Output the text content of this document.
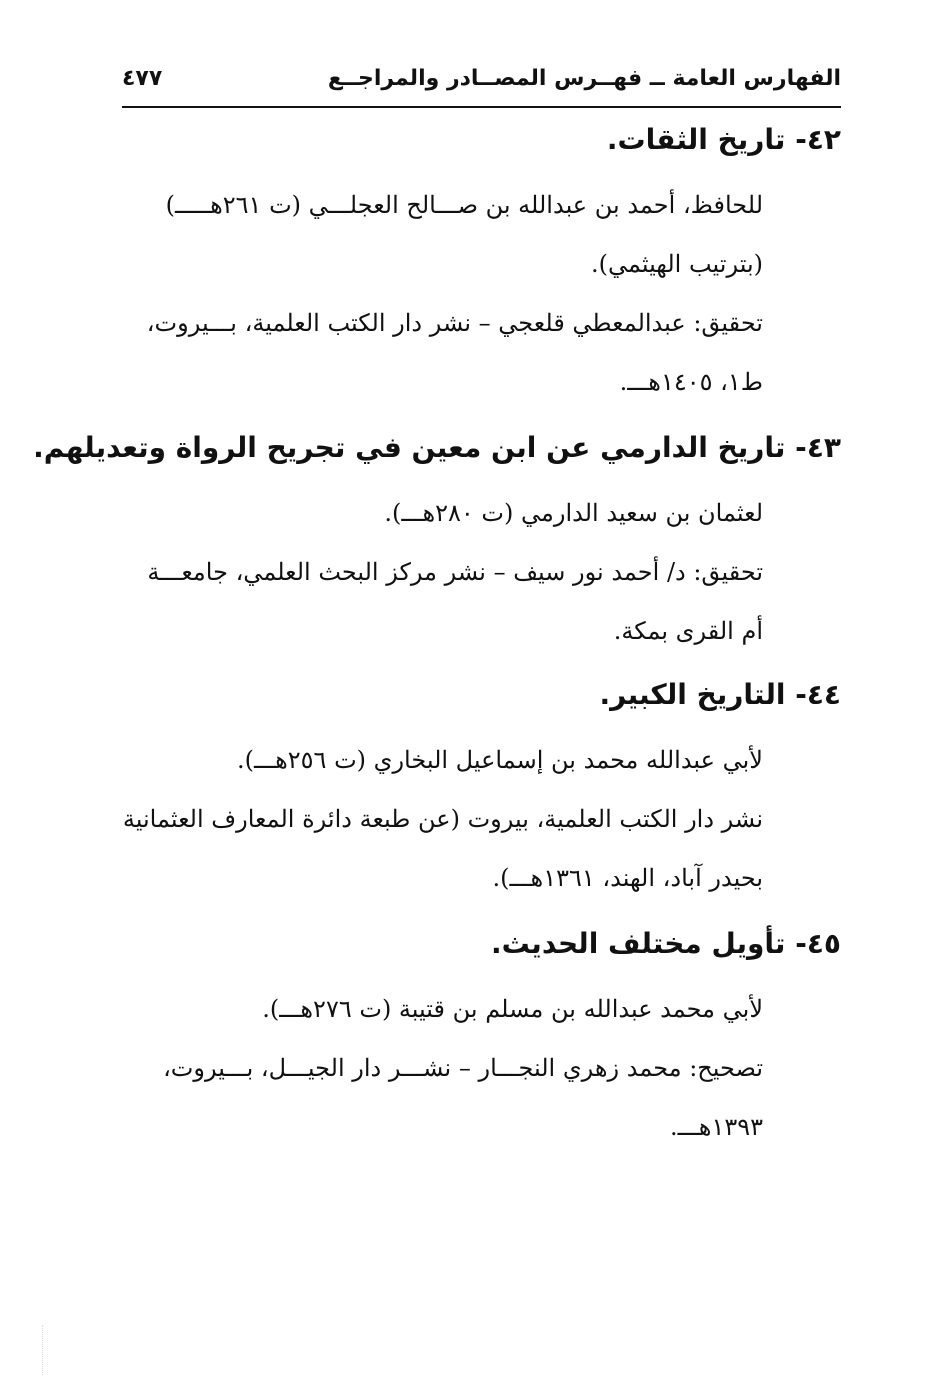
الفهارس العامة ــ فهــرس المصــادر والمراجــع
٤٧٧
٤٢- تاريخ الثقات.
للحافظ، أحمد بن عبدالله بن صـــالح العجلـــي (ت ٢٦١هـــــ)
(بترتيب الهيثمي).
تحقيق: عبدالمعطي قلعجي – نشر دار الكتب العلمية، بـــيروت،
ط١، ١٤٠٥هـــ.
٤٣- تاريخ الدارمي عن ابن معين في تجريح الرواة وتعديلهم.
لعثمان بن سعيد الدارمي (ت ٢٨٠هـــ).
تحقيق: د/ أحمد نور سيف – نشر مركز البحث العلمي، جامعـــة
أم القرى بمكة.
٤٤- التاريخ الكبير.
لأبي عبدالله محمد بن إسماعيل البخاري (ت ٢٥٦هـــ).
نشر دار الكتب العلمية، بيروت (عن طبعة دائرة المعارف العثمانية
بحيدر آباد، الهند، ١٣٦١هـــ).
٤٥- تأويل مختلف الحديث.
لأبي محمد عبدالله بن مسلم بن قتيبة (ت ٢٧٦هـــ).
تصحيح: محمد زهري النجـــار – نشـــر دار الجيـــل، بـــيروت،
١٣٩٣هـــ.
